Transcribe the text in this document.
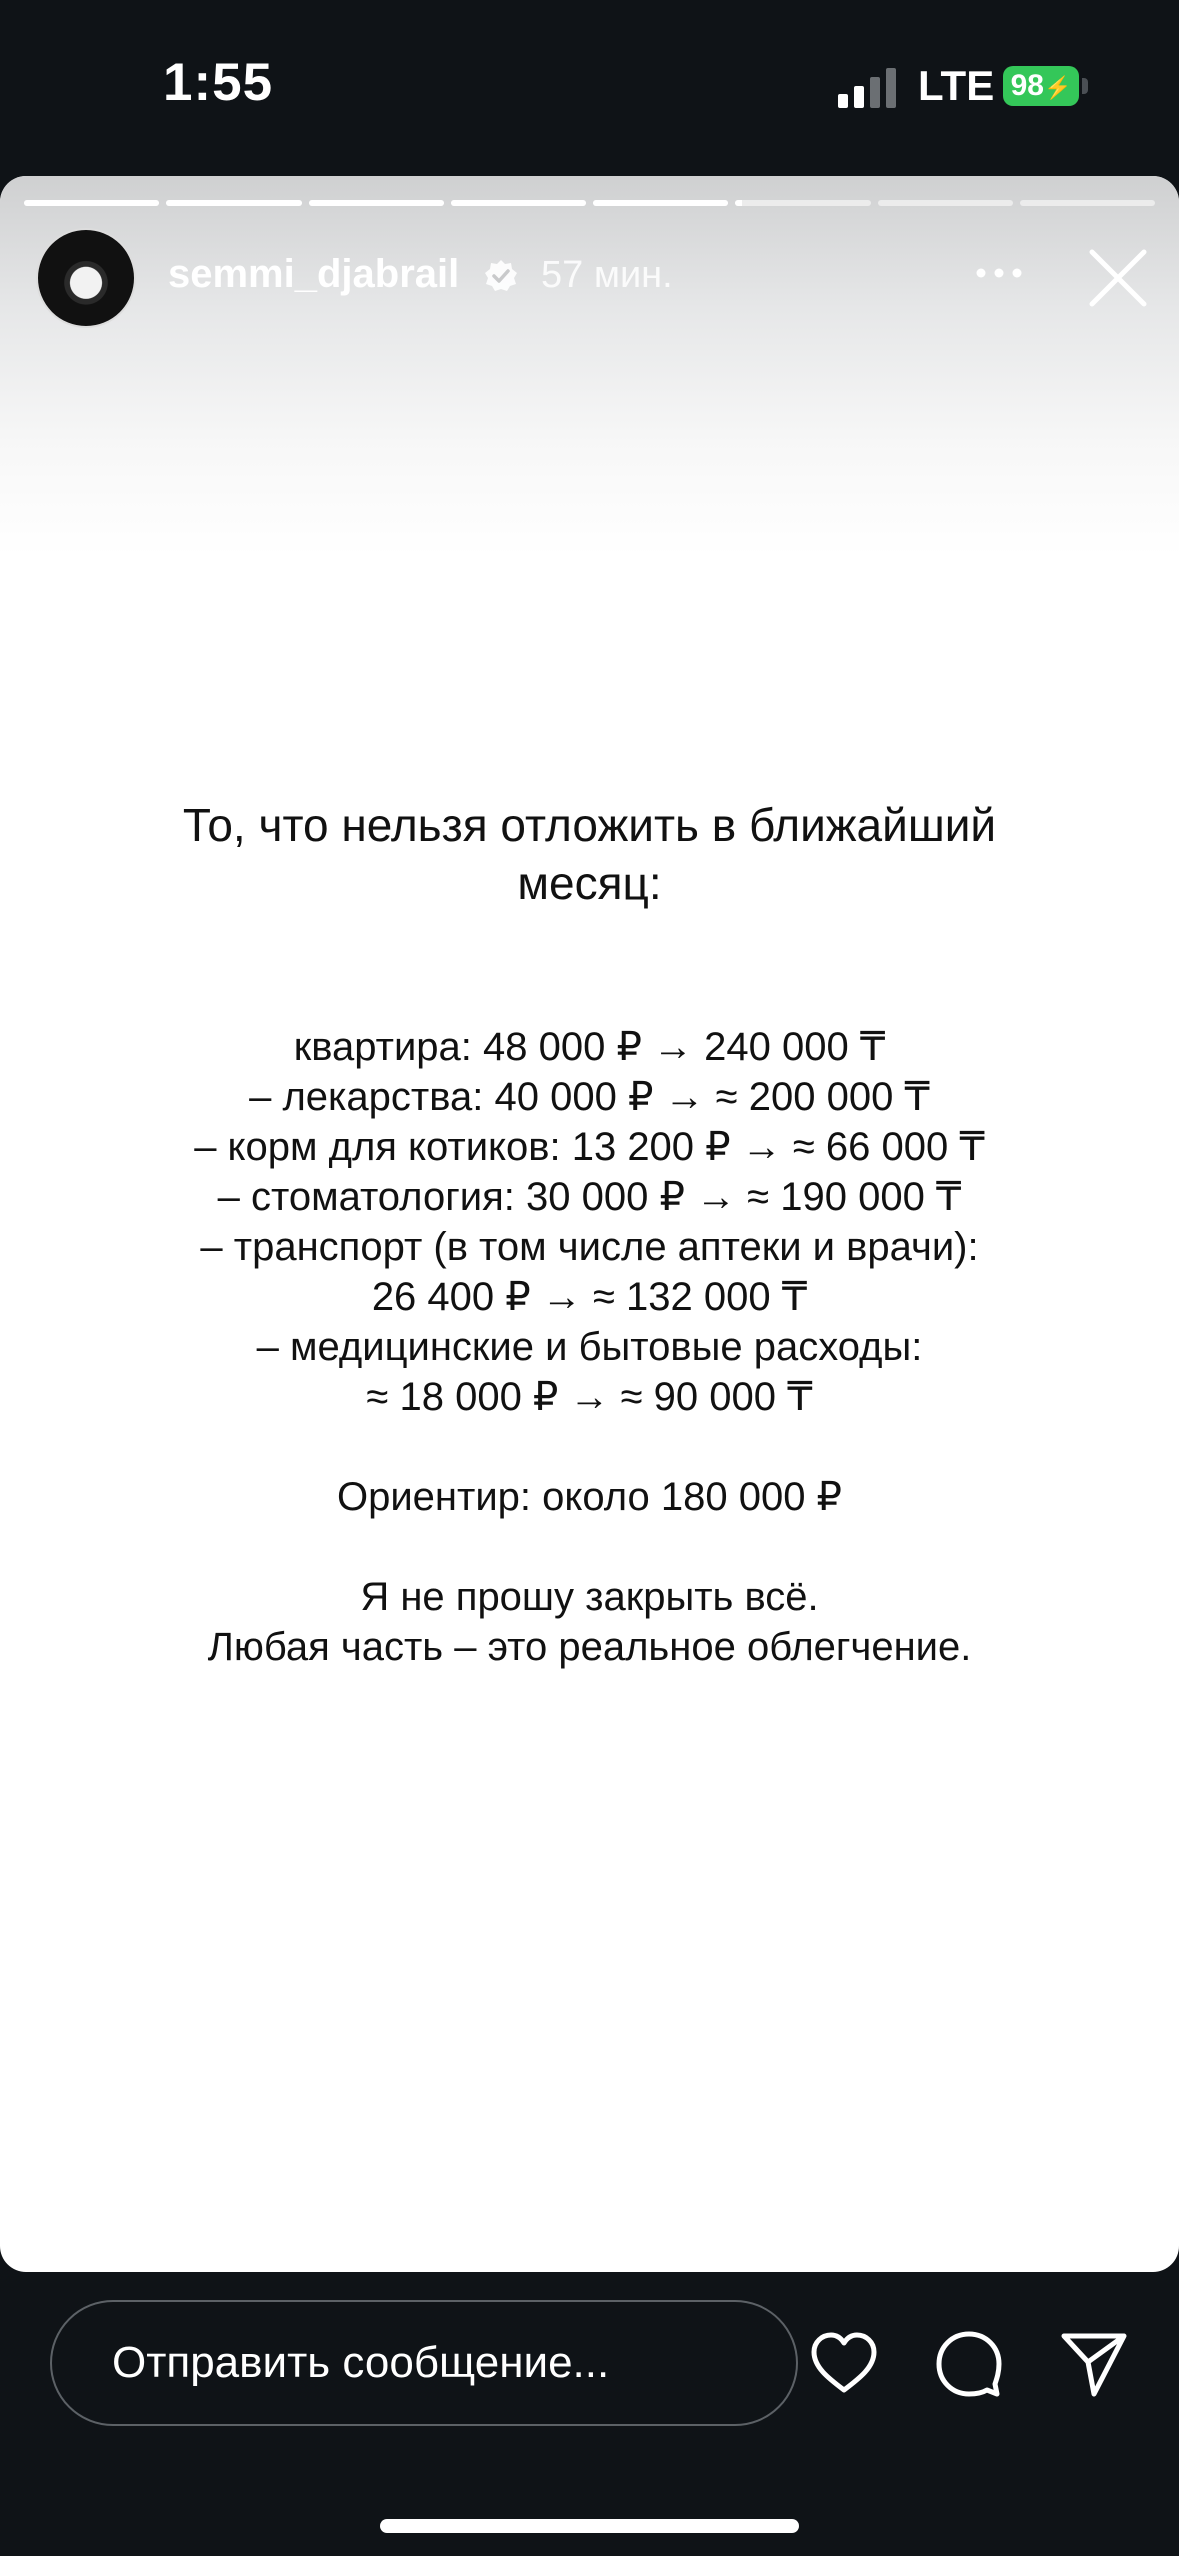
1:55	LTE 98⚡
semmi_djabrail 57 мин.
То, что нельзя отложить в ближайший месяц:
квартира: 48 000 ₽ → 240 000 ₸
– лекарства: 40 000 ₽ → ≈ 200 000 ₸
– корм для котиков: 13 200 ₽ → ≈ 66 000 ₸
– стоматология: 30 000 ₽ → ≈ 190 000 ₸
– транспорт (в том числе аптеки и врачи):
26 400 ₽ → ≈ 132 000 ₸
– медицинские и бытовые расходы:
≈ 18 000 ₽ → ≈ 90 000 ₸
Ориентир: около 180 000 ₽
Я не прошу закрыть всё.
Любая часть – это реальное облегчение.
Отправить сообщение...
